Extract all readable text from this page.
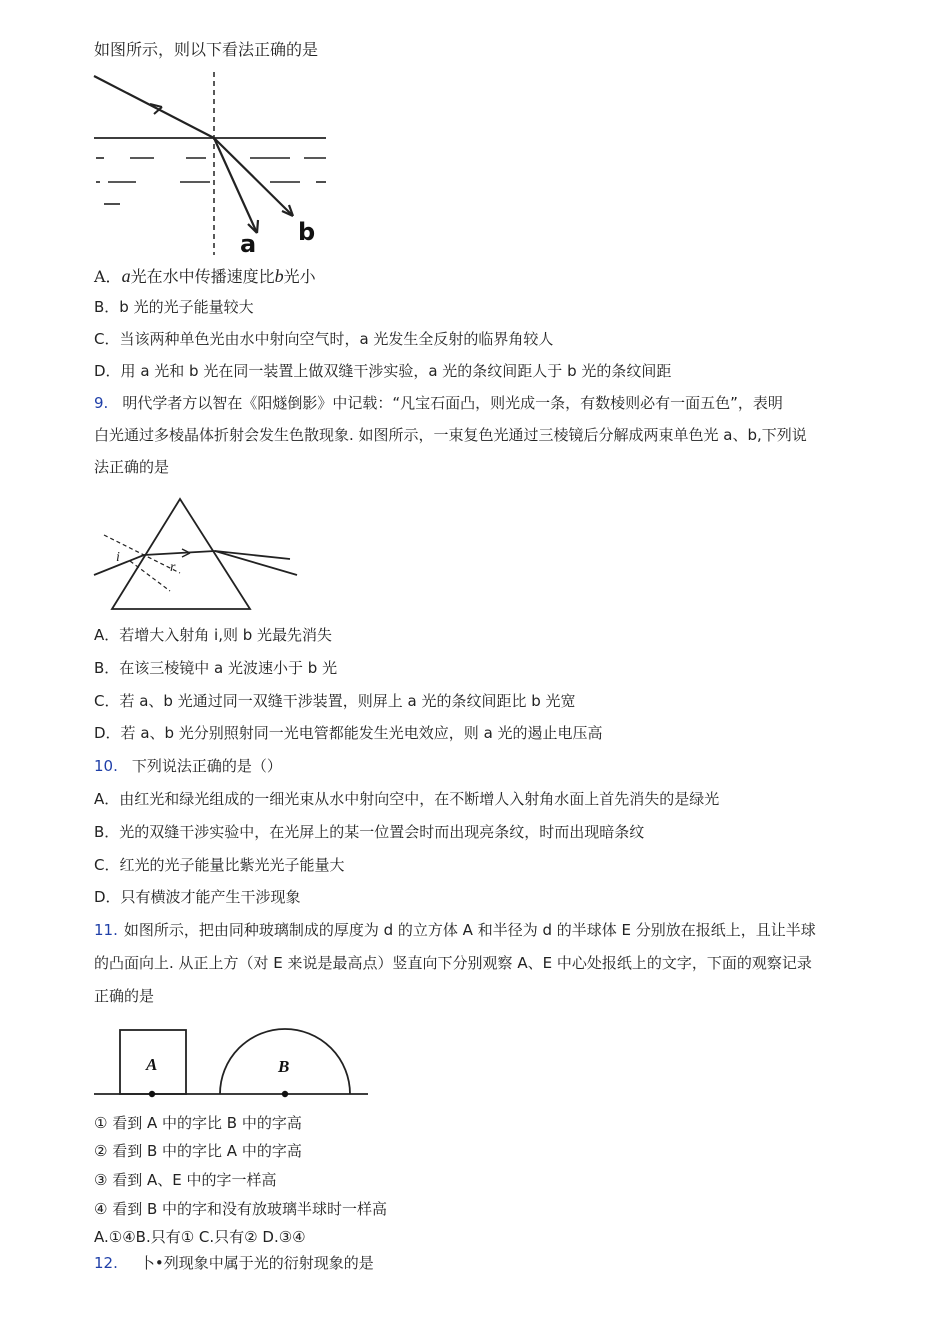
如图所示，则以下看法正确的是
a b
A．a光在水中传播速度比b光小
B．b 光的光子能量较大
C．当该两种单色光由水中射向空气时，a 光发生全反射的临界角较人
D．用 a 光和 b 光在同一装置上做双缝干涉实验，a 光的条纹间距人于 b 光的条纹间距
9. 明代学者方以智在《阳燧倒影》中记载：“凡宝石面凸，则光成一条，有数棱则必有一面五色”，表明
白光通过多棱晶体折射会发生色散现象. 如图所示，一束复色光通过三棱镜后分解成两束单色光 a、b,下列说
法正确的是
i
r
A．若增大入射角 i,则 b 光最先消失
B．在该三棱镜中 a 光波速小于 b 光
C．若 a、b 光通过同一双缝干涉装置，则屏上 a 光的条纹间距比 b 光宽
D．若 a、b 光分别照射同一光电管都能发生光电效应，则 a 光的遏止电压高
10. 下列说法正确的是（）
A．由红光和绿光组成的一细光束从水中射向空中，在不断增人入射角水面上首先消失的是绿光
B．光的双缝干涉实验中，在光屏上的某一位置会时而出现亮条纹，时而出现暗条纹
C．红光的光子能量比紫光光子能量大
D．只有横波才能产生干涉现象
11. 如图所示，把由同种玻璃制成的厚度为 d 的立方体 A 和半径为 d 的半球体 E 分别放在报纸上，且让半球
的凸面向上. 从正上方（对 E 来说是最高点）竖直向下分别观察 A、E 中心处报纸上的文字，下面的观察记录
正确的是
A	B
① 看到 A 中的字比 B 中的字高
② 看到 B 中的字比 A 中的字高
③ 看到 A、E 中的字一样高
④ 看到 B 中的字和没有放玻璃半球时一样高
A.①④B.只有① C.只有② D.③④
12. 卜•列现象中属于光的衍射现象的是
